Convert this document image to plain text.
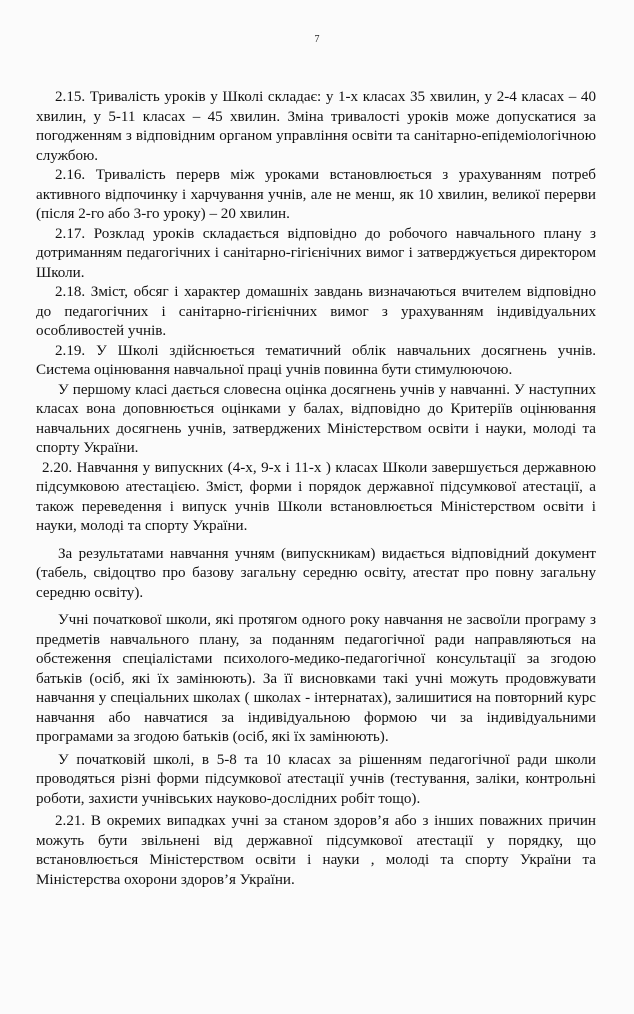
7

2.15. Тривалість уроків у Школі складає: у 1-х класах 35 хвилин, у 2-4 класах – 40 хвилин, у 5-11 класах – 45 хвилин. Зміна тривалості уроків може допускатися за погодженням з відповідним органом управління освіти та санітарно-епідеміологічною службою.

2.16. Тривалість перерв між уроками встановлюється з урахуванням потреб активного відпочинку і харчування учнів, але не менш, як 10 хвилин, великої перерви (після 2-го або 3-го уроку) – 20 хвилин.

2.17. Розклад уроків складається відповідно до робочого навчального плану з дотриманням педагогічних і санітарно-гігієнічних вимог і затверджується директором Школи.

2.18. Зміст, обсяг і характер домашніх завдань визначаються вчителем відповідно до педагогічних і санітарно-гігієнічних вимог з урахуванням індивідуальних особливостей учнів.

2.19. У Школі здійснюється тематичний облік навчальних досягнень учнів. Система оцінювання навчальної праці учнів повинна бути стимулюючою.

У першому класі дається словесна оцінка досягнень учнів у навчанні. У наступних класах вона доповнюється оцінками у балах, відповідно до Критеріїв оцінювання навчальних досягнень учнів, затверджених Міністерством освіти і науки, молоді та спорту України.

2.20. Навчання у випускних (4-х, 9-х і 11-х ) класах Школи завершується державною підсумковою атестацією. Зміст, форми і порядок державної підсумкової атестації, а також переведення і випуск учнів Школи встановлюється Міністерством освіти і науки, молоді та спорту України.

За результатами навчання учням (випускникам) видається відповідний документ (табель, свідоцтво про базову загальну середню освіту, атестат про повну загальну середню освіту).

Учні початкової школи, які протягом одного року навчання не засвоїли програму з предметів навчального плану, за поданням педагогічної ради направляються на обстеження спеціалістами психолого-медико-педагогічної консультації за згодою батьків (осіб, які їх замінюють). За її висновками такі учні можуть продовжувати навчання у спеціальних школах ( школах - інтернатах), залишитися на повторний курс навчання або навчатися за індивідуальною формою чи за індивідуальними програмами за згодою батьків (осіб, які їх замінюють).

У початковій школі, в 5-8 та 10 класах за рішенням педагогічної ради школи проводяться різні форми підсумкової атестації учнів (тестування, заліки, контрольні роботи, захисти учнівських науково-дослідних робіт тощо).

2.21. В окремих випадках учні за станом здоров’я або з інших поважних причин можуть бути звільнені від державної підсумкової атестації у порядку, що встановлюється Міністерством освіти і науки , молоді та спорту України та Міністерства охорони здоров’я України.
